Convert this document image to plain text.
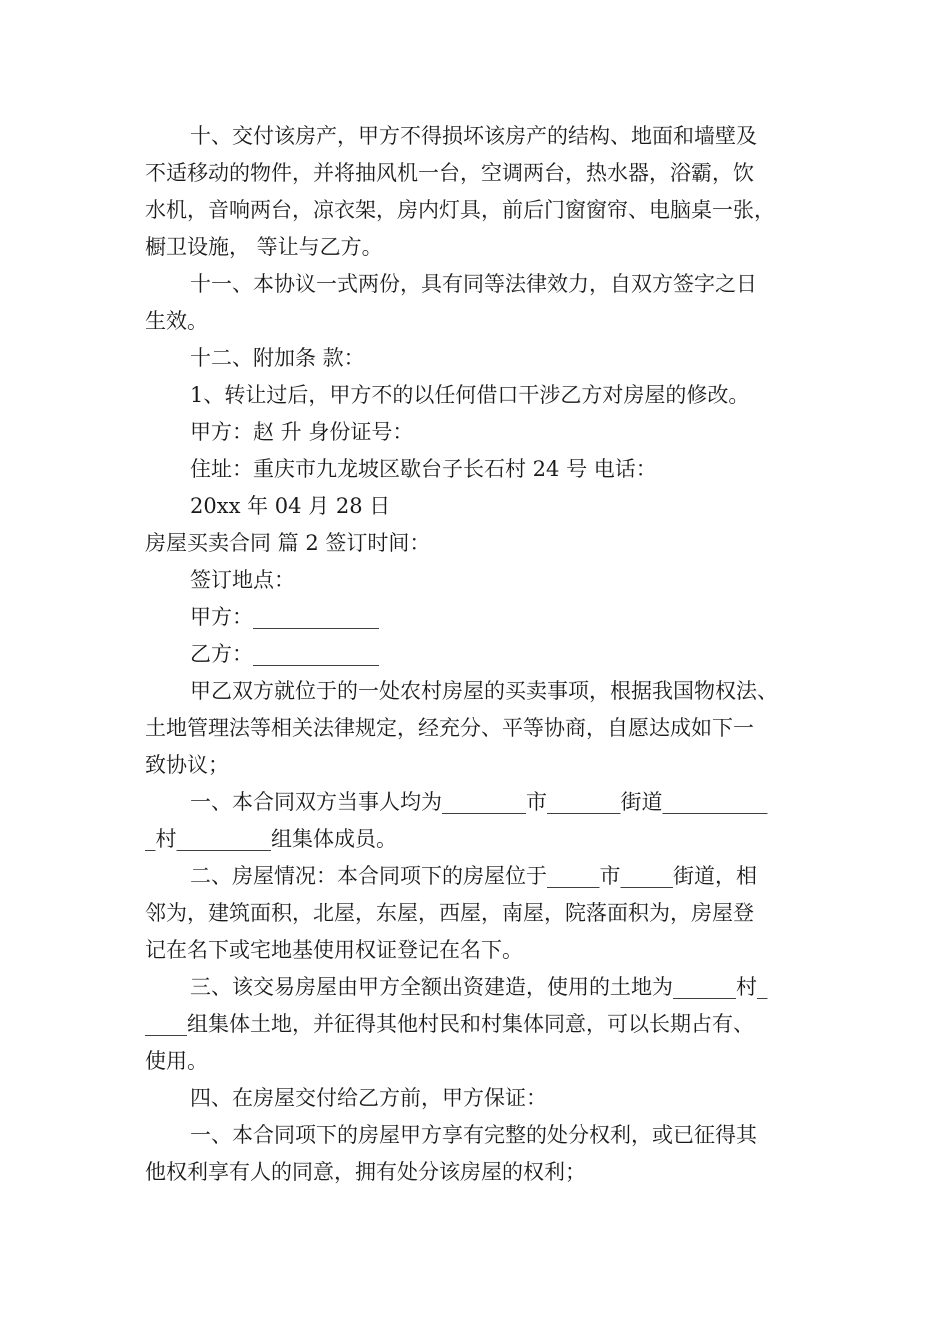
十、交付该房产，甲方不得损坏该房产的结构、地面和墙壁及
不适移动的物件，并将抽风机一台，空调两台，热水器，浴霸，饮
水机，音响两台，凉衣架，房内灯具，前后门窗窗帘、电脑桌一张，
橱卫设施， 等让与乙方。
十一、本协议一式两份，具有同等法律效力，自双方签字之日
生效。
十二、附加条 款：
1、转让过后，甲方不的以任何借口干涉乙方对房屋的修改。
甲方：赵 升 身份证号：
住址：重庆市九龙坡区歇台子长石村 24 号 电话：
20xx 年 04 月 28 日
房屋买卖合同 篇 2 签订时间：
签订地点：
甲方：____________
乙方：____________
甲乙双方就位于的一处农村房屋的买卖事项，根据我国物权法、
土地管理法等相关法律规定，经充分、平等协商，自愿达成如下一
致协议；
一、本合同双方当事人均为________市_______街道__________
_村_________组集体成员。
二、房屋情况：本合同项下的房屋位于_____市_____街道，相
邻为，建筑面积，北屋，东屋，西屋，南屋，院落面积为，房屋登
记在名下或宅地基使用权证登记在名下。
三、该交易房屋由甲方全额出资建造，使用的土地为______村_
____组集体土地，并征得其他村民和村集体同意，可以长期占有、
使用。
四、在房屋交付给乙方前，甲方保证：
一、本合同项下的房屋甲方享有完整的处分权利，或已征得其
他权利享有人的同意，拥有处分该房屋的权利；
